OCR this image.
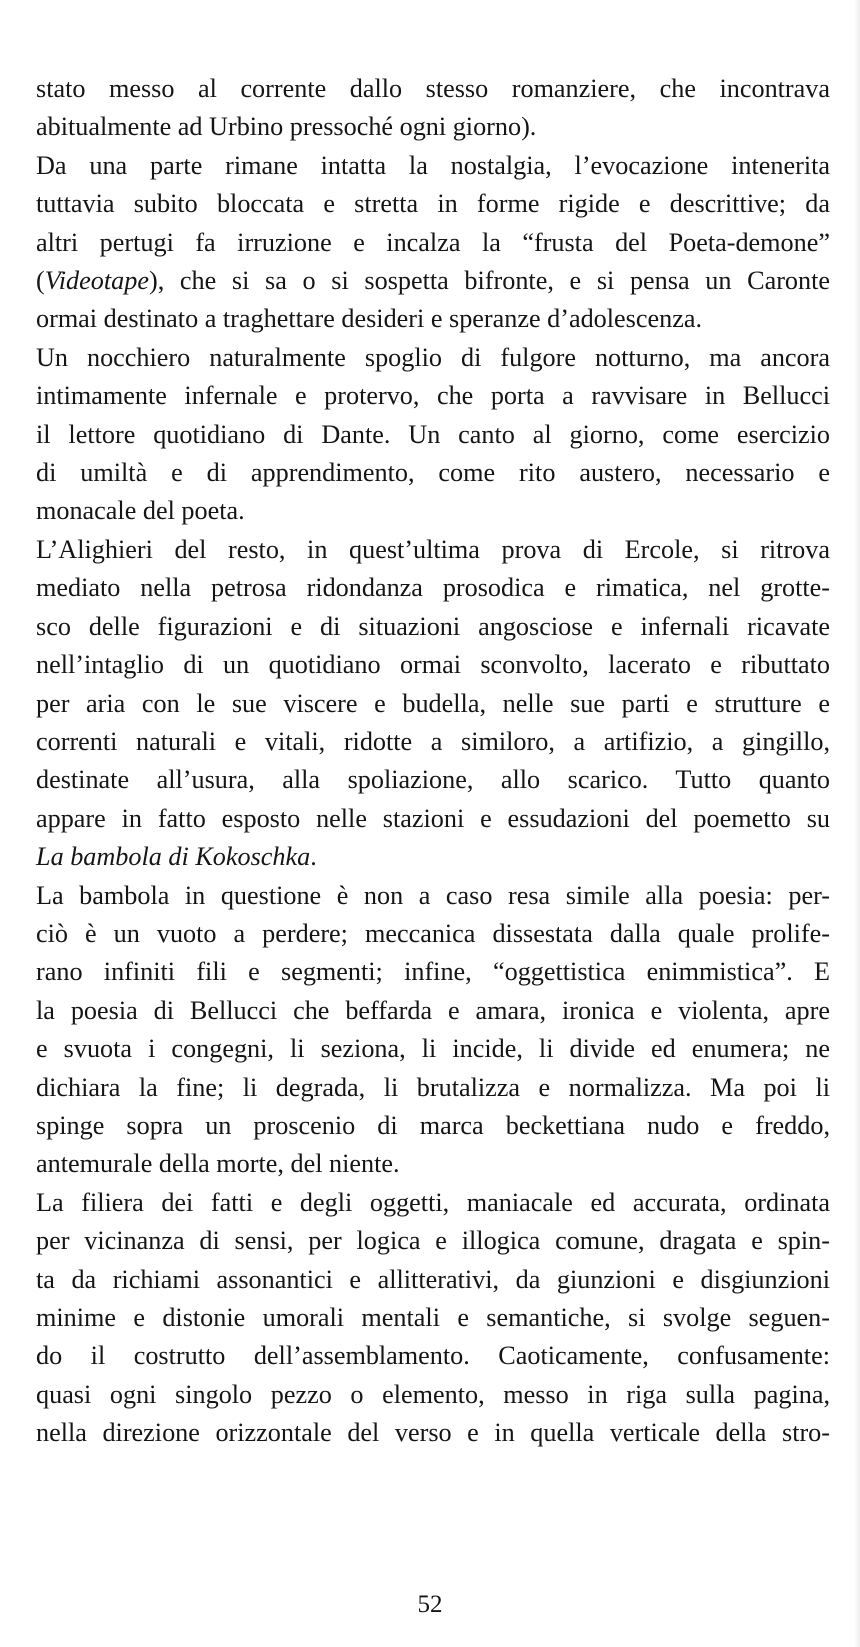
stato messo al corrente dallo stesso romanziere, che incontrava
abitualmente ad Urbino pressoché ogni giorno).
Da una parte rimane intatta la nostalgia, l’evocazione intenerita
tuttavia subito bloccata e stretta in forme rigide e descrittive; da
altri pertugi fa irruzione e incalza la “frusta del Poeta-demone”
(Videotape), che si sa o si sospetta bifronte, e si pensa un Caronte
ormai destinato a traghettare desideri e speranze d’adolescenza.
Un nocchiero naturalmente spoglio di fulgore notturno, ma ancora
intimamente infernale e protervo, che porta a ravvisare in Bellucci
il lettore quotidiano di Dante. Un canto al giorno, come esercizio
di umiltà e di apprendimento, come rito austero, necessario e
monacale del poeta.
L’Alighieri del resto, in quest’ultima prova di Ercole, si ritrova
mediato nella petrosa ridondanza prosodica e rimatica, nel grotte-
sco delle figurazioni e di situazioni angosciose e infernali ricavate
nell’intaglio di un quotidiano ormai sconvolto, lacerato e ributtato
per aria con le sue viscere e budella, nelle sue parti e strutture e
correnti naturali e vitali, ridotte a similoro, a artifizio, a gingillo,
destinate all’usura, alla spoliazione, allo scarico. Tutto quanto
appare in fatto esposto nelle stazioni e essudazioni del poemetto su
La bambola di Kokoschka.
La bambola in questione è non a caso resa simile alla poesia: per-
ciò è un vuoto a perdere; meccanica dissestata dalla quale prolife-
rano infiniti fili e segmenti; infine, “oggettistica enimmistica”. E
la poesia di Bellucci che beffarda e amara, ironica e violenta, apre
e svuota i congegni, li seziona, li incide, li divide ed enumera; ne
dichiara la fine; li degrada, li brutalizza e normalizza. Ma poi li
spinge sopra un proscenio di marca beckettiana nudo e freddo,
antemurale della morte, del niente.
La filiera dei fatti e degli oggetti, maniacale ed accurata, ordinata
per vicinanza di sensi, per logica e illogica comune, dragata e spin-
ta da richiami assonantici e allitterativi, da giunzioni e disgiunzioni
minime e distonie umorali mentali e semantiche, si svolge seguen-
do il costrutto dell’assemblamento. Caoticamente, confusamente:
quasi ogni singolo pezzo o elemento, messo in riga sulla pagina,
nella direzione orizzontale del verso e in quella verticale della stro-
52
